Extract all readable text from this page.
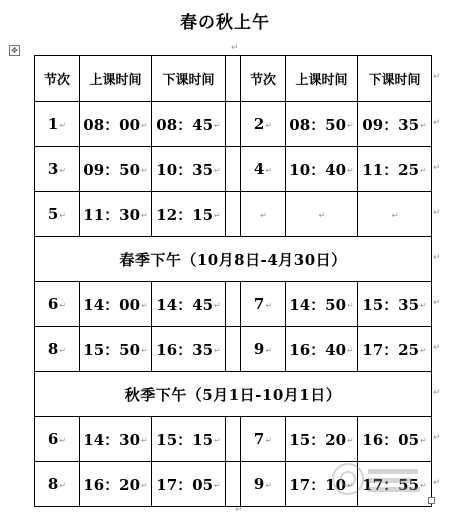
春の秋上午
↵
✥
节次	上课时间	下课时间		节次	上课时间	下课时间
1↵	08：00↵	08：45↵		2↵	08：50↵	09：35↵
3↵	09：50↵	10：35↵		4↵	10：40↵	11：25↵
5↵	11：30↵	12：15↵		↵	↵	↵
春季下午（10月8日-4月30日）						
6↵	14：00↵	14：45↵		7↵	14：50↵	15：35↵
8↵	15：50↵	16：35↵		9↵	16：40↵	17：25↵
秋季下午（5月1日-10月1日）						
6↵	14：30↵	15：15↵		7↵	15：20↵	16：05↵
8↵	16：20↵	17：05↵		9↵	17：10↵	17：55↵
↵
↵
↵
↵
↵
↵
↵
↵
↵
↵
↵
